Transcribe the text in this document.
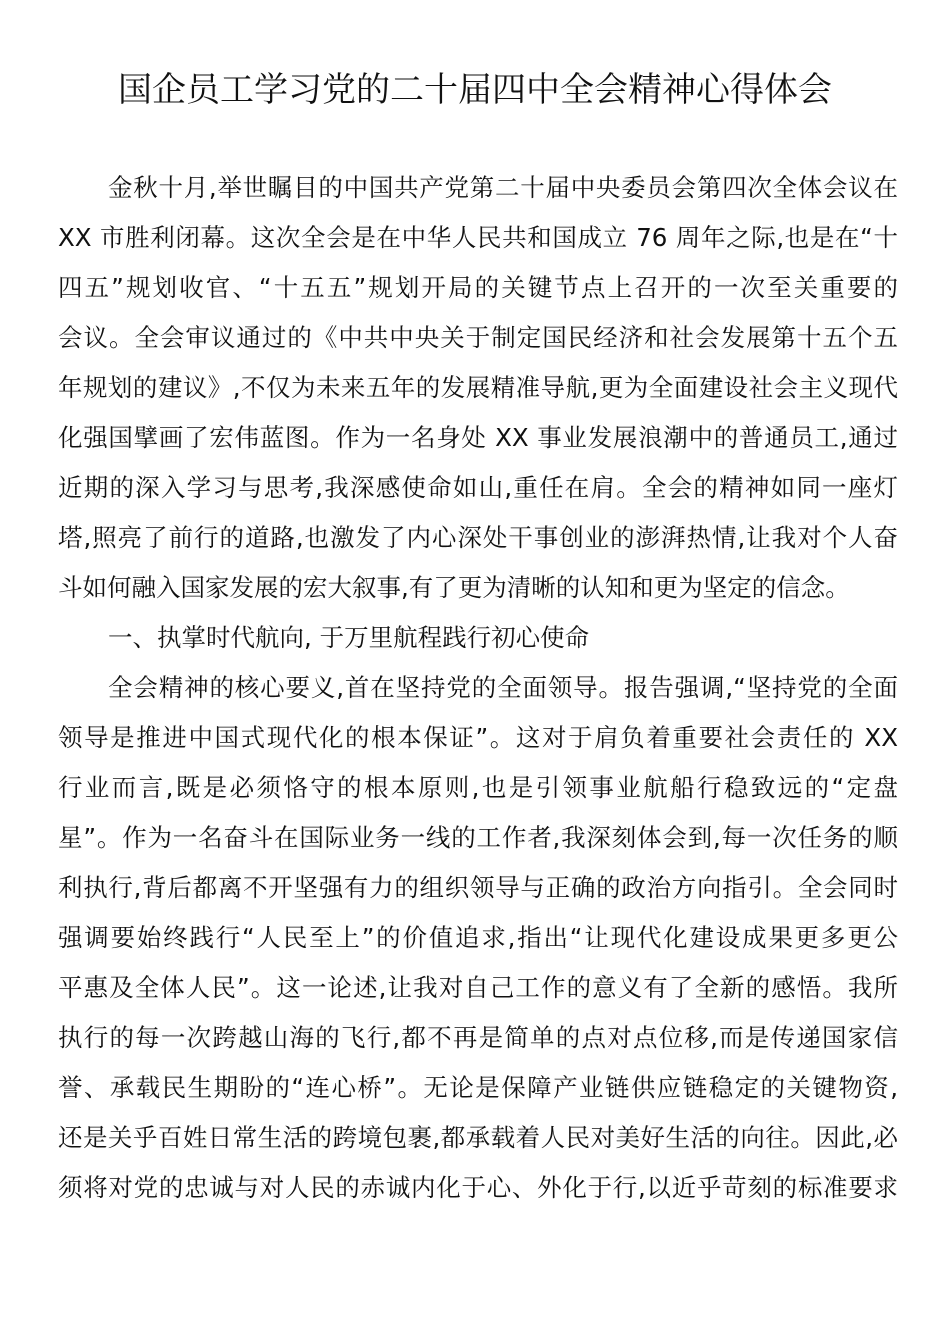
国企员工学习党的二十届四中全会精神心得体会
金秋十月,举世瞩目的中国共产党第二十届中央委员会第四次全体会议在
XX 市胜利闭幕。这次全会是在中华人民共和国成立 76 周年之际,也是在“十
四五”规划收官、“十五五”规划开局的关键节点上召开的一次至关重要的
会议。全会审议通过的《中共中央关于制定国民经济和社会发展第十五个五
年规划的建议》,不仅为未来五年的发展精准导航,更为全面建设社会主义现代
化强国擘画了宏伟蓝图。作为一名身处 XX 事业发展浪潮中的普通员工,通过
近期的深入学习与思考,我深感使命如山,重任在肩。全会的精神如同一座灯
塔,照亮了前行的道路,也激发了内心深处干事创业的澎湃热情,让我对个人奋
斗如何融入国家发展的宏大叙事,有了更为清晰的认知和更为坚定的信念。
一、执掌时代航向, 于万里航程践行初心使命
全会精神的核心要义,首在坚持党的全面领导。报告强调,“坚持党的全面
领导是推进中国式现代化的根本保证”。这对于肩负着重要社会责任的 XX
行业而言,既是必须恪守的根本原则,也是引领事业航船行稳致远的“定盘
星”。作为一名奋斗在国际业务一线的工作者,我深刻体会到,每一次任务的顺
利执行,背后都离不开坚强有力的组织领导与正确的政治方向指引。全会同时
强调要始终践行“人民至上”的价值追求,指出“让现代化建设成果更多更公
平惠及全体人民”。这一论述,让我对自己工作的意义有了全新的感悟。我所
执行的每一次跨越山海的飞行,都不再是简单的点对点位移,而是传递国家信
誉、承载民生期盼的“连心桥”。无论是保障产业链供应链稳定的关键物资,
还是关乎百姓日常生活的跨境包裹,都承载着人民对美好生活的向往。因此,必
须将对党的忠诚与对人民的赤诚内化于心、外化于行,以近乎苛刻的标准要求
